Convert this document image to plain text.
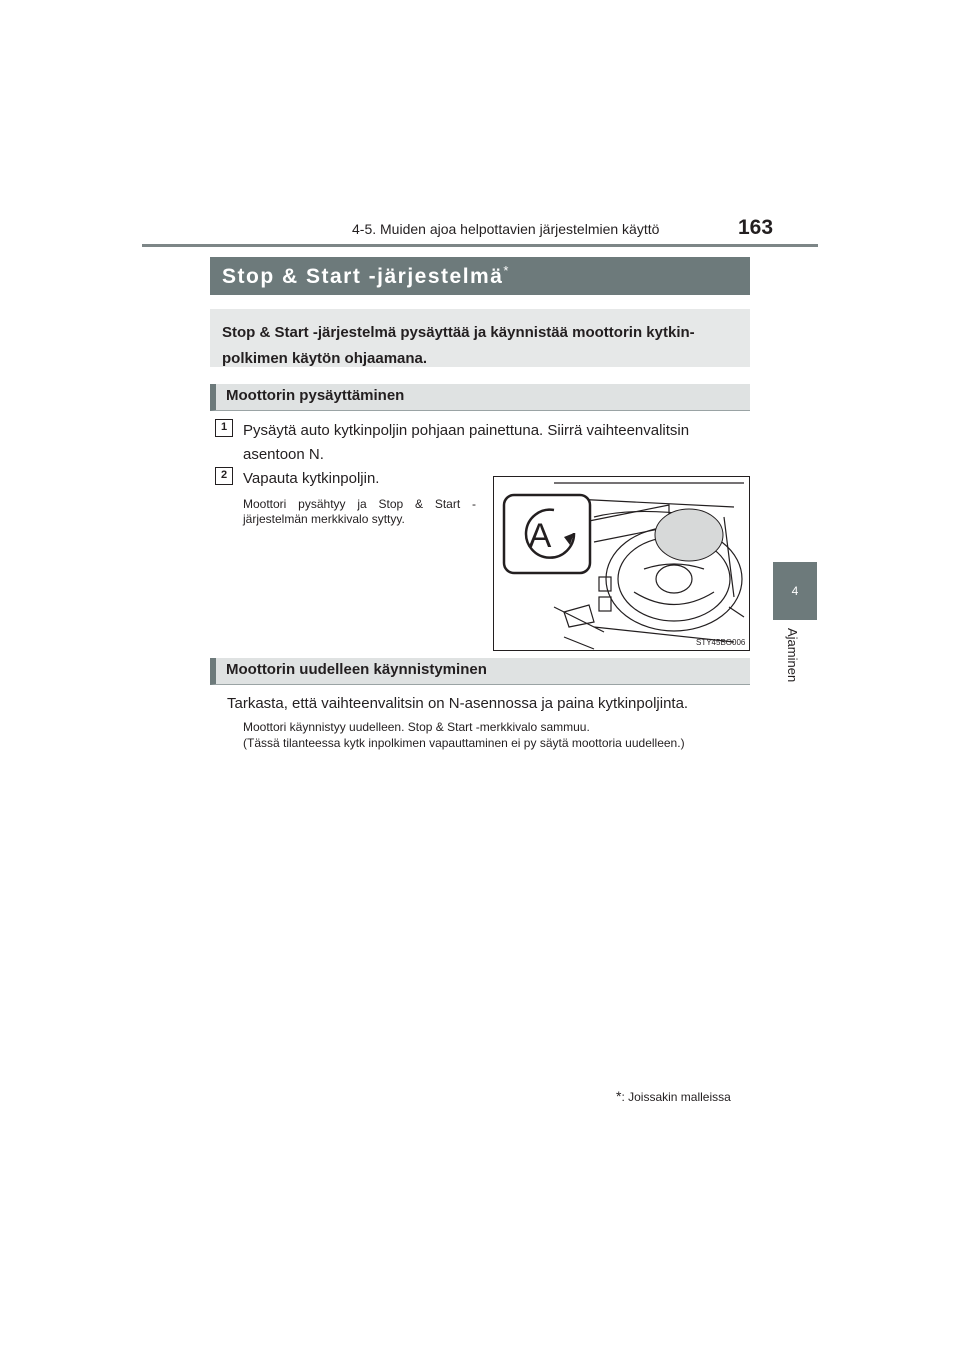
4-5. Muiden ajoa helpottavien järjestelmien käyttö	163
4
Ajaminen
Stop & Start -järjestelmä*
Stop & Start -järjestelmä pysäyttää ja käynnistää moottorin kytkin-polkimen käytön ohjaamana.
Moottorin pysäyttäminen
1	Pysäytä auto kytkinpoljin pohjaan painettuna. Siirrä vaihteenvalitsin asentoon N.
2	Vapauta kytkinpoljin.
Moottori pysähtyy ja Stop & Start -järjestelmän merkkivalo syttyy.	A
STY45BO006
Moottorin uudelleen käynnistyminen
Tarkasta, että vaihteenvalitsin on N-asennossa ja paina kytkinpoljinta.
Moottori käynnistyy uudelleen. Stop & Start -merkkivalo sammuu.
(Tässä tilanteessa kytk inpolkimen vapauttaminen ei py säytä moottoria uudelleen.)
*: Joissakin malleissa
